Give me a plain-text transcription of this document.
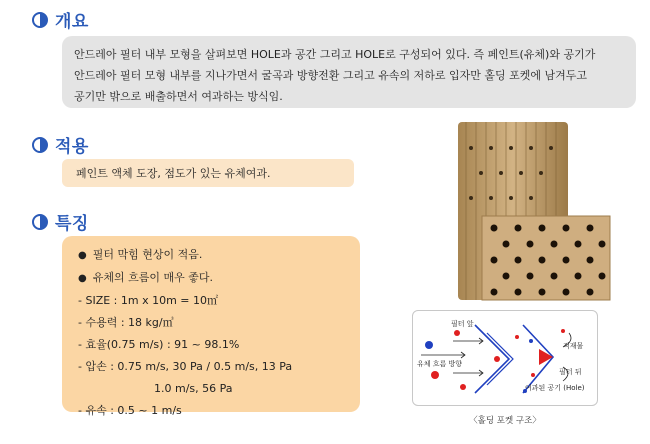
개요
안드레아 필터 내부 모형을 살펴보면 HOLE과 공간 그리고 HOLE로 구성되어 있다. 즉 페인트(유체)와 공기가
안드레아 필터 모형 내부를 지나가면서 굴곡과 방향전환 그리고 유속의 저하로 입자만 홀딩 포켓에 남겨두고
공기만 밖으로 배출하면서 여과하는 방식임.
적용
페인트 액체 도장, 점도가 있는 유체여과.
특징
● 필터 막힘 현상이 적음.
● 유체의 흐름이 매우 좋다.
- SIZE : 1m x 10m = 10㎡
- 수용력 : 18 kg/㎥
- 효율(0.75 m/s) : 91 ~ 98.1%
- 압손 : 0.75 m/s, 30 Pa / 0.5 m/s, 13 Pa
1.0 m/s, 56 Pa
- 유속 : 0.5 ~ 1 m/s
필터 앞
유체 흐름 방향
적재물
필터 뒤
여과된 공기 (Hole)
〈홀딩 포켓 구조〉
